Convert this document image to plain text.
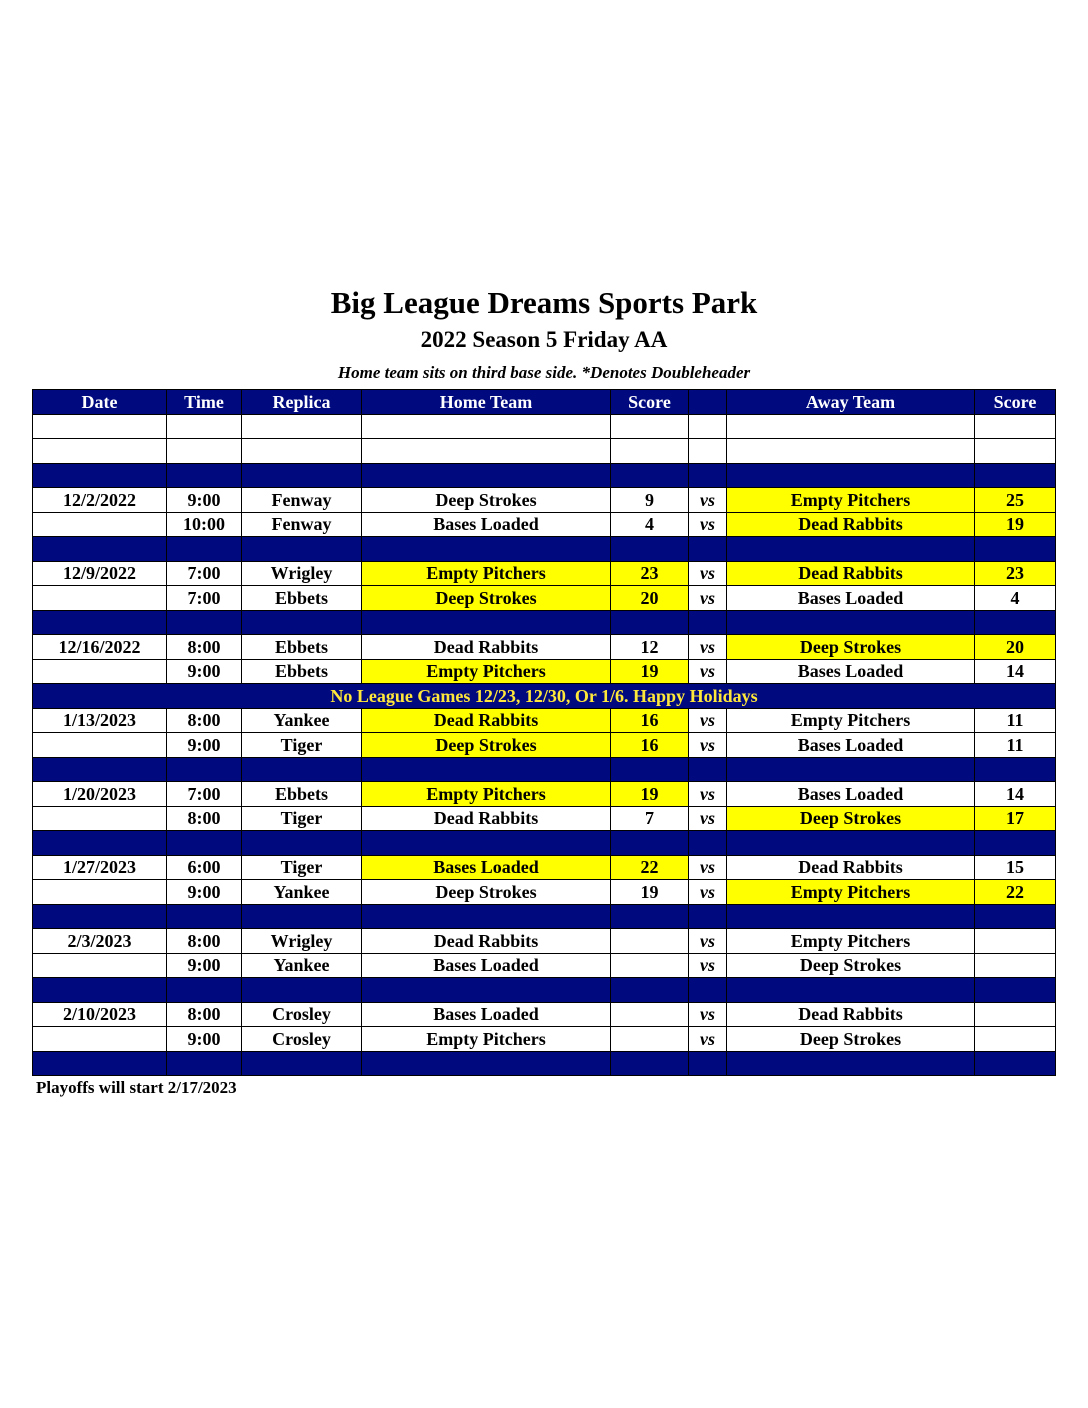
Big League Dreams Sports Park
2022 Season 5 Friday AA
Home team sits on third base side. *Denotes Doubleheader
Date	Time	Replica	Home Team	Score		Away Team	Score

12/2/2022	9:00	Fenway	Deep Strokes	9	vs	Empty Pitchers	25
	10:00	Fenway	Bases Loaded	4	vs	Dead Rabbits	19

12/9/2022	7:00	Wrigley	Empty Pitchers	23	vs	Dead Rabbits	23
	7:00	Ebbets	Deep Strokes	20	vs	Bases Loaded	4

12/16/2022	8:00	Ebbets	Dead Rabbits	12	vs	Deep Strokes	20
	9:00	Ebbets	Empty Pitchers	19	vs	Bases Loaded	14
No League Games 12/23, 12/30, Or 1/6. Happy Holidays							
1/13/2023	8:00	Yankee	Dead Rabbits	16	vs	Empty Pitchers	11
	9:00	Tiger	Deep Strokes	16	vs	Bases Loaded	11

1/20/2023	7:00	Ebbets	Empty Pitchers	19	vs	Bases Loaded	14
	8:00	Tiger	Dead Rabbits	7	vs	Deep Strokes	17

1/27/2023	6:00	Tiger	Bases Loaded	22	vs	Dead Rabbits	15
	9:00	Yankee	Deep Strokes	19	vs	Empty Pitchers	22

2/3/2023	8:00	Wrigley	Dead Rabbits		vs	Empty Pitchers	
	9:00	Yankee	Bases Loaded		vs	Deep Strokes	

2/10/2023	8:00	Crosley	Bases Loaded		vs	Dead Rabbits	
	9:00	Crosley	Empty Pitchers		vs	Deep Strokes	

Playoffs will start 2/17/2023
